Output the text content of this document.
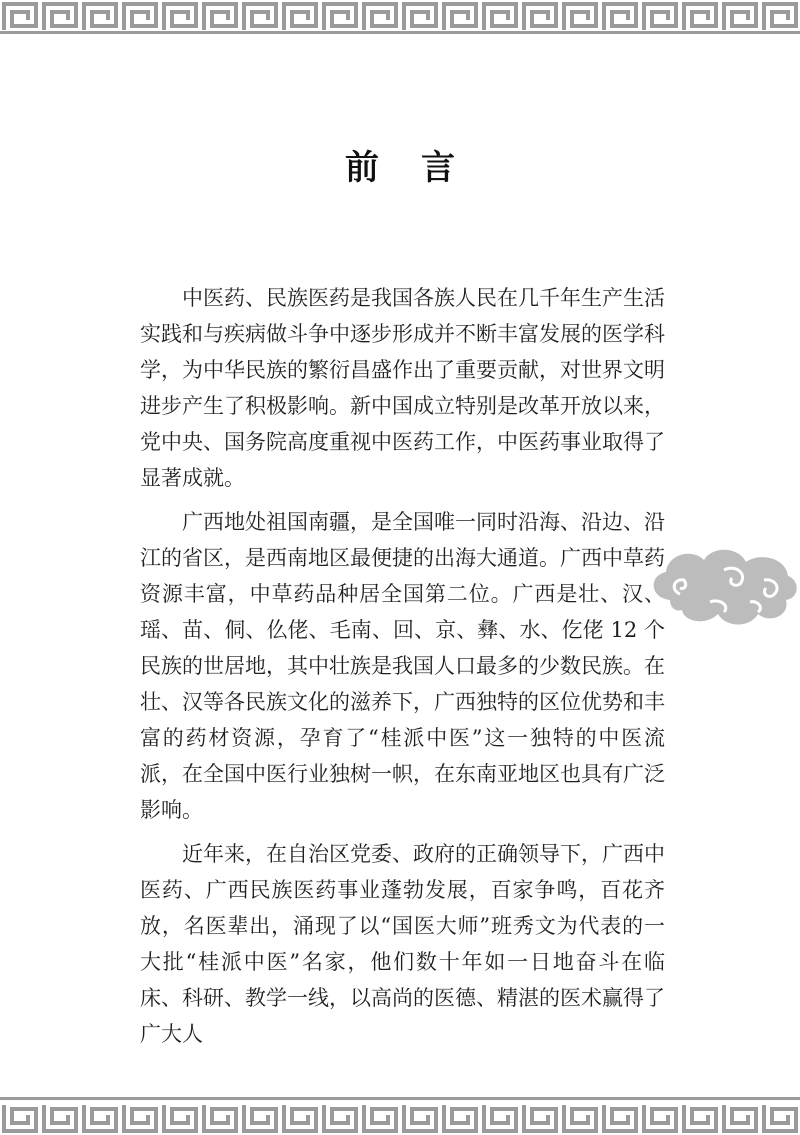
前言

中医药、民族医药是我国各族人民在几千年生产生活实践和与疾病做斗争中逐步形成并不断丰富发展的医学科学，为中华民族的繁衍昌盛作出了重要贡献，对世界文明进步产生了积极影响。新中国成立特别是改革开放以来，党中央、国务院高度重视中医药工作，中医药事业取得了显著成就。

广西地处祖国南疆，是全国唯一同时沿海、沿边、沿江的省区，是西南地区最便捷的出海大通道。广西中草药资源丰富，中草药品种居全国第二位。广西是壮、汉、瑶、苗、侗、仫佬、毛南、回、京、彝、水、仡佬 12 个民族的世居地，其中壮族是我国人口最多的少数民族。在壮、汉等各民族文化的滋养下，广西独特的区位优势和丰富的药材资源，孕育了“桂派中医”这一独特的中医流派，在全国中医行业独树一帜，在东南亚地区也具有广泛影响。

近年来，在自治区党委、政府的正确领导下，广西中医药、广西民族医药事业蓬勃发展，百家争鸣，百花齐放，名医辈出，涌现了以“国医大师”班秀文为代表的一大批“桂派中医”名家，他们数十年如一日地奋斗在临床、科研、教学一线，以高尚的医德、精湛的医术赢得了广大人
